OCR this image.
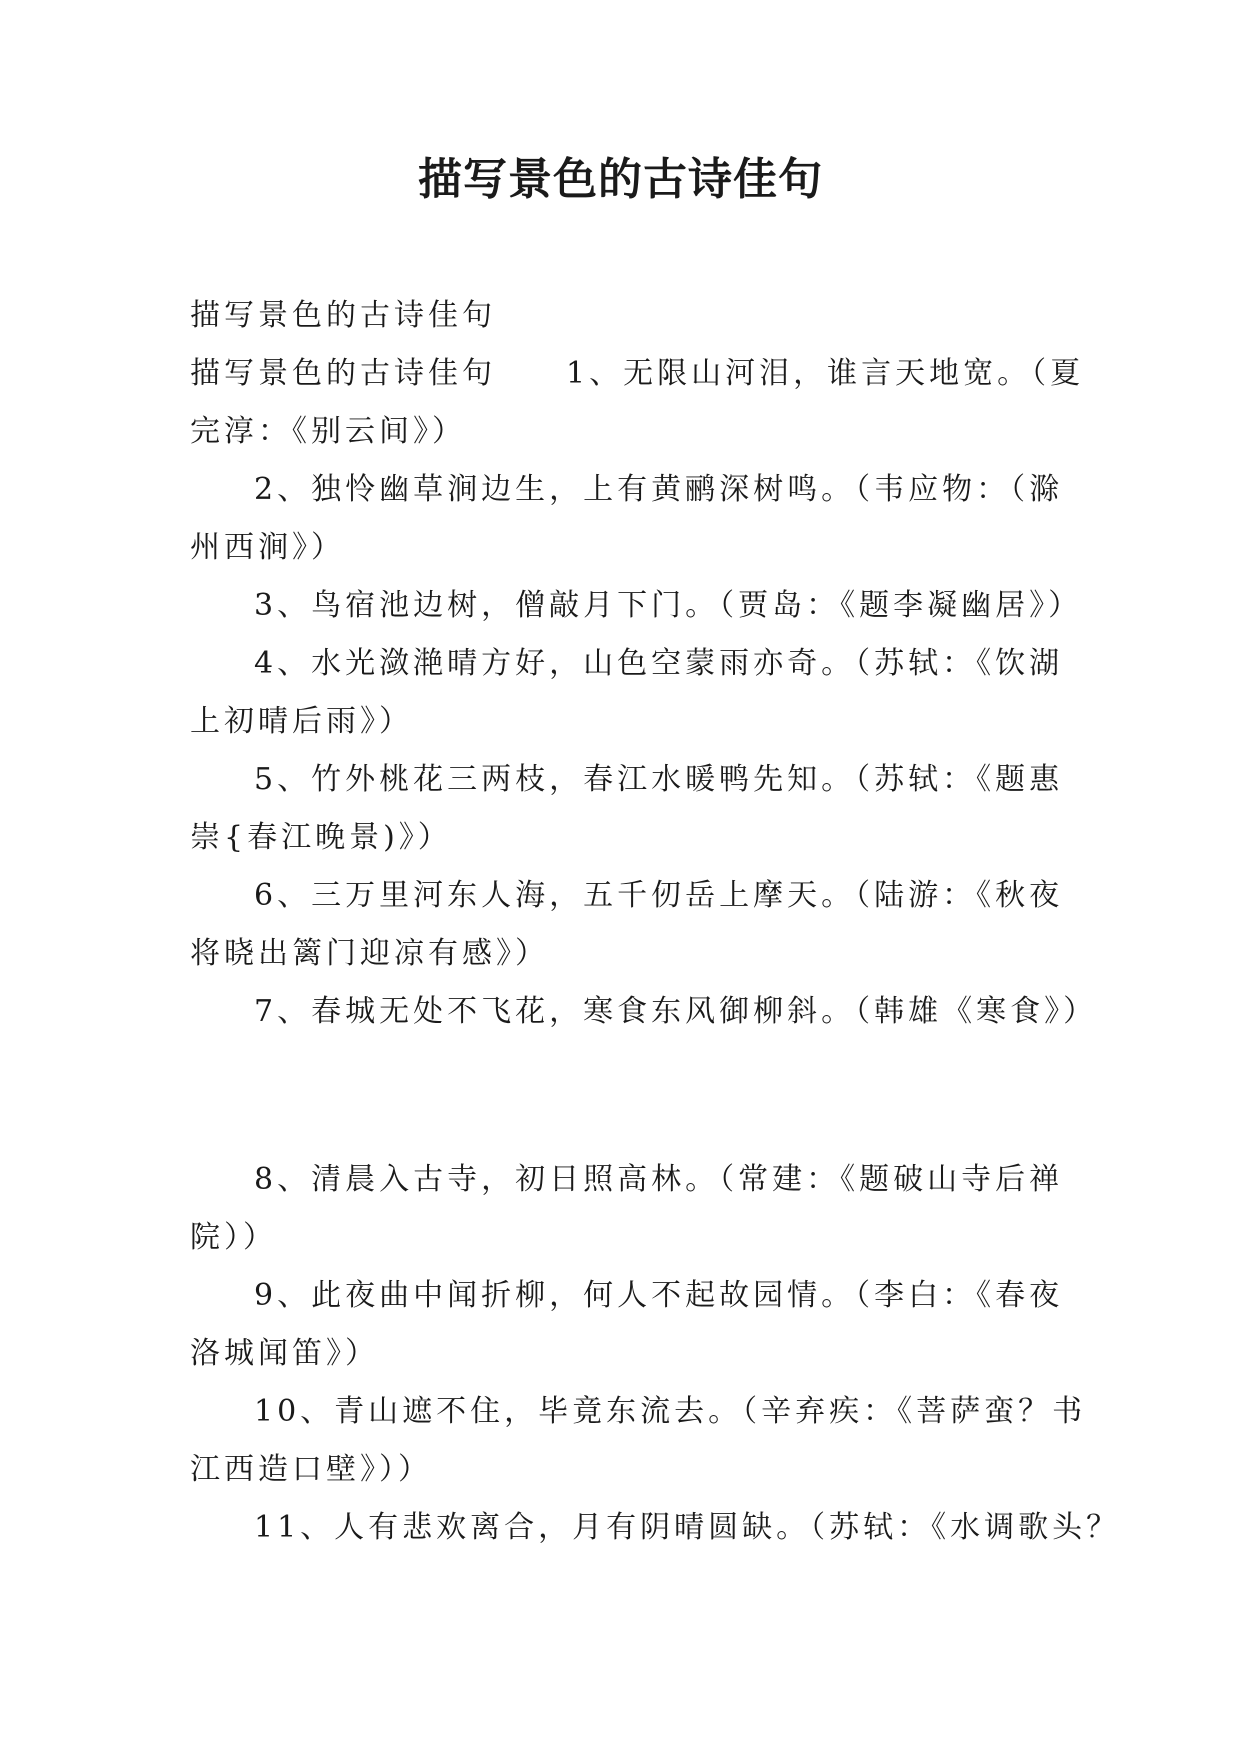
描写景色的古诗佳句
描写景色的古诗佳句
描写景色的古诗佳句 1、无限山河泪，谁言天地宽。（夏
完淳：《别云间》）
2、独怜幽草涧边生，上有黄鹂深树鸣。（韦应物：（滁
州西涧》）
3、鸟宿池边树，僧敲月下门。（贾岛：《题李凝幽居》）
4、水光潋滟晴方好，山色空蒙雨亦奇。（苏轼：《饮湖
上初晴后雨》）
5、竹外桃花三两枝，春江水暖鸭先知。（苏轼：《题惠
崇{春江晚景)》）
6、三万里河东人海，五千仞岳上摩天。（陆游：《秋夜
将晓出篱门迎凉有感》）
7、春城无处不飞花，寒食东风御柳斜。（韩雄《寒食》）
8、清晨入古寺，初日照高林。（常建：《题破山寺后禅
院））
9、此夜曲中闻折柳，何人不起故园情。（李白：《春夜
洛城闻笛》）
10、青山遮不住，毕竟东流去。（辛弃疾：《菩萨蛮？书
江西造口壁》））
11、人有悲欢离合，月有阴晴圆缺。（苏轼：《水调歌头？
